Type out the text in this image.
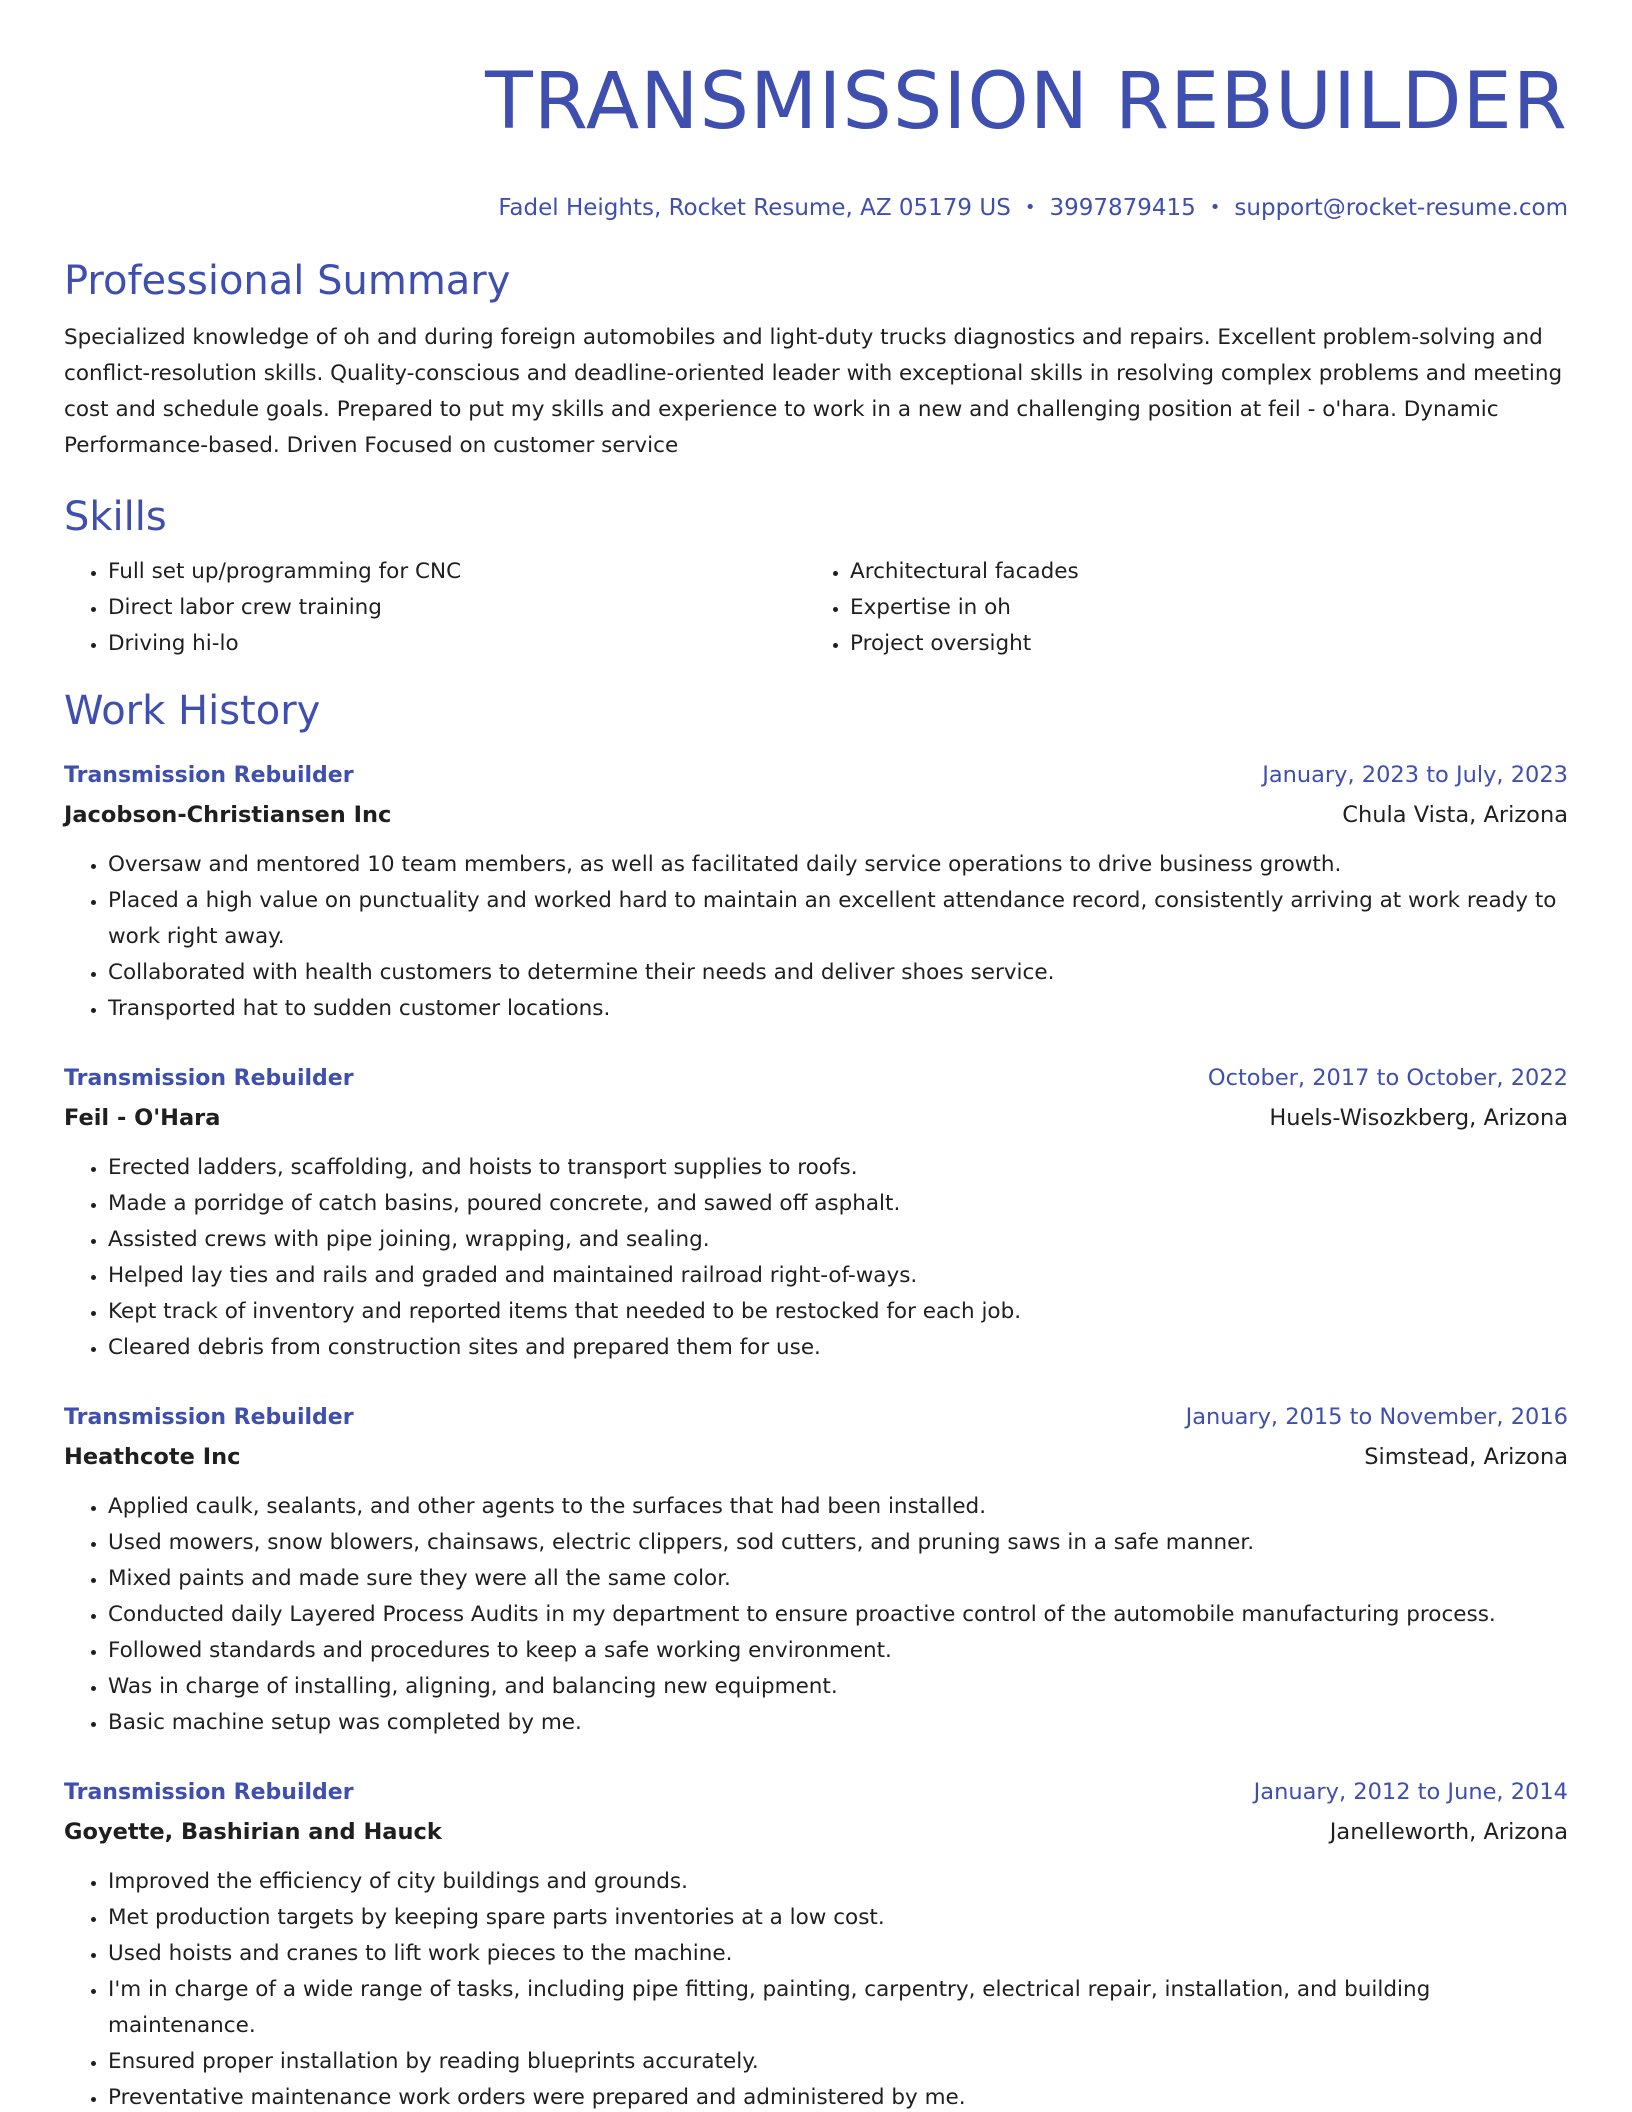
TRANSMISSION REBUILDER
Fadel Heights, Rocket Resume, AZ 05179 US • 3997879415 • support@rocket-resume.com
Professional Summary

Specialized knowledge of oh and during foreign automobiles and light-duty trucks diagnostics and repairs. Excellent problem-solving and conflict-resolution skills. Quality-conscious and deadline-oriented leader with exceptional skills in resolving complex problems and meeting cost and schedule goals. Prepared to put my skills and experience to work in a new and challenging position at feil - o'hara. Dynamic Performance-based. Driven Focused on customer service

Skills
• Full set up/programming for CNC
• Direct labor crew training
• Driving hi-lo
• Architectural facades
• Expertise in oh
• Project oversight
Work History
Transmission Rebuilder	January, 2023 to July, 2023
Jacobson-Christiansen Inc	Chula Vista, Arizona
• Oversaw and mentored 10 team members, as well as facilitated daily service operations to drive business growth.
• Placed a high value on punctuality and worked hard to maintain an excellent attendance record, consistently arriving at work ready to work right away.
• Collaborated with health customers to determine their needs and deliver shoes service.
• Transported hat to sudden customer locations.
Transmission Rebuilder	October, 2017 to October, 2022
Feil - O'Hara	Huels-Wisozkberg, Arizona
• Erected ladders, scaffolding, and hoists to transport supplies to roofs.
• Made a porridge of catch basins, poured concrete, and sawed off asphalt.
• Assisted crews with pipe joining, wrapping, and sealing.
• Helped lay ties and rails and graded and maintained railroad right-of-ways.
• Kept track of inventory and reported items that needed to be restocked for each job.
• Cleared debris from construction sites and prepared them for use.
Transmission Rebuilder	January, 2015 to November, 2016
Heathcote Inc	Simstead, Arizona
• Applied caulk, sealants, and other agents to the surfaces that had been installed.
• Used mowers, snow blowers, chainsaws, electric clippers, sod cutters, and pruning saws in a safe manner.
• Mixed paints and made sure they were all the same color.
• Conducted daily Layered Process Audits in my department to ensure proactive control of the automobile manufacturing process.
• Followed standards and procedures to keep a safe working environment.
• Was in charge of installing, aligning, and balancing new equipment.
• Basic machine setup was completed by me.
Transmission Rebuilder	January, 2012 to June, 2014
Goyette, Bashirian and Hauck	Janelleworth, Arizona
• Improved the efficiency of city buildings and grounds.
• Met production targets by keeping spare parts inventories at a low cost.
• Used hoists and cranes to lift work pieces to the machine.
• I'm in charge of a wide range of tasks, including pipe fitting, painting, carpentry, electrical repair, installation, and building maintenance.
• Ensured proper installation by reading blueprints accurately.
• Preventative maintenance work orders were prepared and administered by me.
